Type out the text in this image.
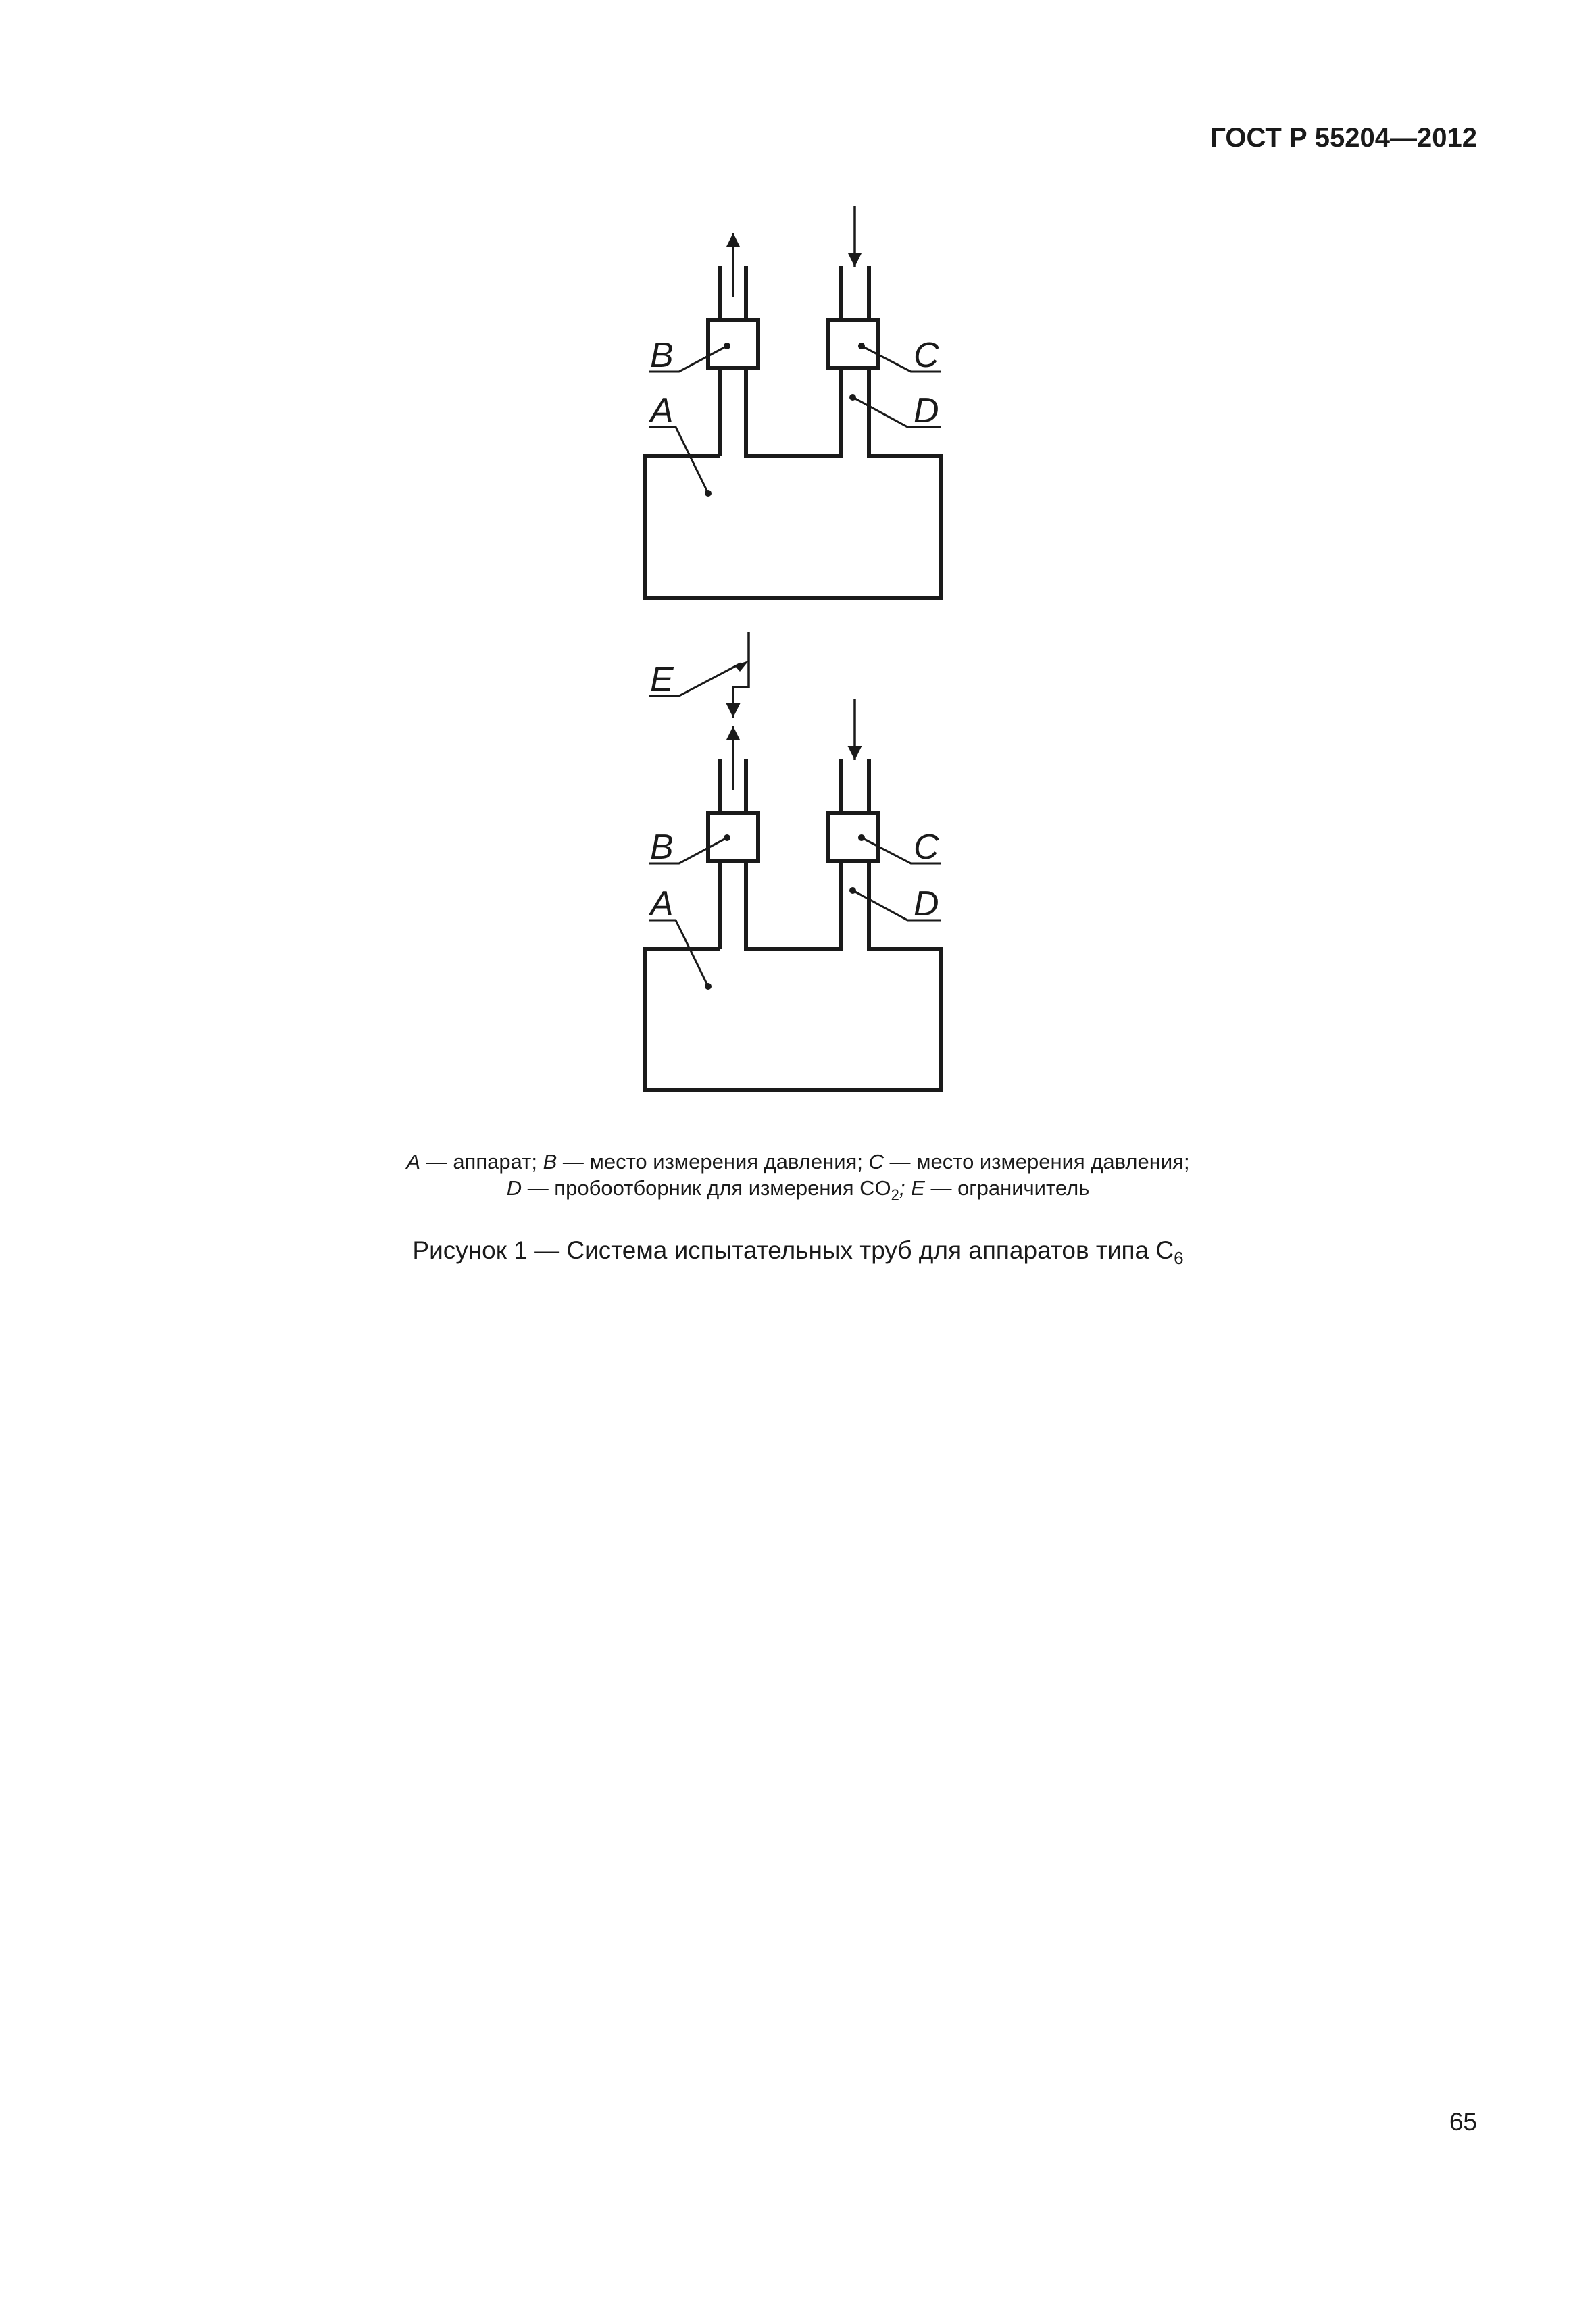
ГОСТ Р 55204—2012
B
A
C
D
E
B
A
C
D
A — аппарат; B — место измерения давления; C — место измерения давления;
D — пробоотборник для измерения $CO_2$; E — ограничитель
Рисунок 1 — Система испытательных труб для аппаратов типа $C_6$
65
